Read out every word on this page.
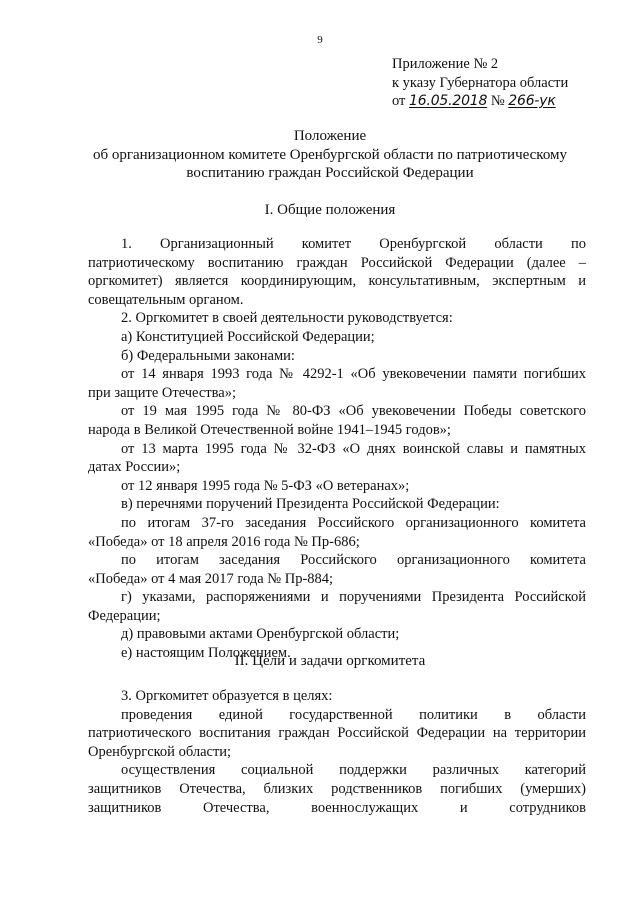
9
Приложение № 2
к указу Губернатора области
от 16.05.2018 № 266-ук
Положение
об организационном комитете Оренбургской области по патриотическому
воспитанию граждан Российской Федерации
I. Общие положения

1. Организационный комитет Оренбургской области по

патриотическому воспитанию граждан Российской Федерации (далее –

оргкомитет) является координирующим, консультативным, экспертным и

совещательным органом.

2. Оргкомитет в своей деятельности руководствуется:

а) Конституцией Российской Федерации;

б) Федеральными законами:

от 14 января 1993 года № 4292-1 «Об увековечении памяти погибших

при защите Отечества»;

от 19 мая 1995 года № 80-ФЗ «Об увековечении Победы советского

народа в Великой Отечественной войне 1941–1945 годов»;

от 13 марта 1995 года № 32-ФЗ «О днях воинской славы и памятных

датах России»;

от 12 января 1995 года № 5-ФЗ «О ветеранах»;

в) перечнями поручений Президента Российской Федерации:

по итогам 37-го заседания Российского организационного комитета

«Победа» от 18 апреля 2016 года № Пр-686;

по итогам заседания Российского организационного комитета

«Победа» от 4 мая 2017 года № Пр-884;

г) указами, распоряжениями и поручениями Президента Российской

Федерации;

д) правовыми актами Оренбургской области;

е) настоящим Положением.

II. Цели и задачи оргкомитета

3. Оргкомитет образуется в целях:

проведения единой государственной политики в области

патриотического воспитания граждан Российской Федерации на территории

Оренбургской области;

осуществления социальной поддержки различных категорий

защитников Отечества, близких родственников погибших (умерших)

защитников Отечества, военнослужащих и сотрудников
